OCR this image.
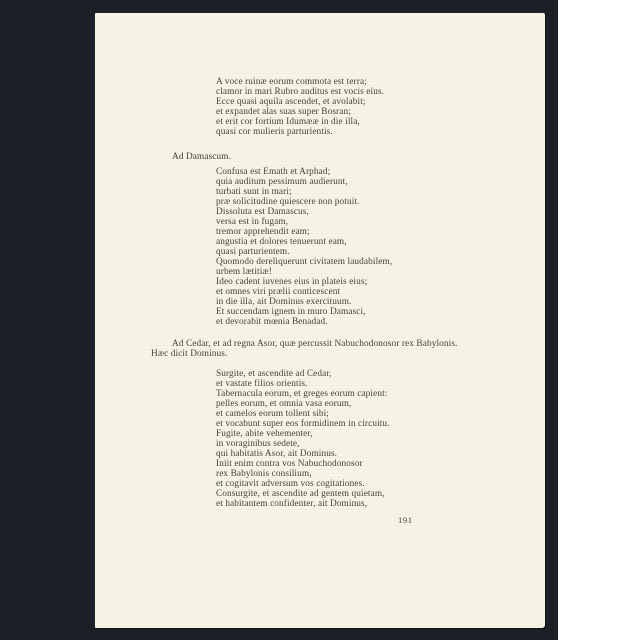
A voce ruinæ eorum commota est terra;
clamor in mari Rubro auditus est vocis eius.
Ecce quasi aquila ascendet, et avolabit;
et expandet alas suas super Bosran;
et erit cor fortium Idumææ in die illa,
quasi cor mulieris parturientis.
Ad Damascum.
Confusa est Emath et Arphad;
quia auditum pessimum audierunt,
turbati sunt in mari;
præ solicitudine quiescere non potuit.
Dissoluta est Damascus,
versa est in fugam,
tremor apprehendit eam;
angustia et dolores tenuerunt eam,
quasi parturientem.
Quomodo dereliquerunt civitatem laudabilem,
urbem lætitiæ!
Ideo cadent iuvenes eius in plateis eius;
et omnes viri prælii conticescent
in die illa, ait Dominus exercituum.
Et succendam ignem in muro Damasci,
et devorabit mœnia Benadad.
Ad Cedar, et ad regna Asor, quæ percussit Nabuchodonosor rex Babylonis.
Hæc dicit Dominus.
Surgite, et ascendite ad Cedar,
et vastate filios orientis.
Tabernacula eorum, et greges eorum capient:
pelles eorum, et omnia vasa eorum,
et camelos eorum tollent sibi;
et vocabunt super eos formidinem in circuitu.
Fugite, abite vehementer,
in voraginibus sedete,
qui habitatis Asor, ait Dominus.
Iniit enim contra vos Nabuchodonosor
rex Babylonis consilium,
et cogitavit adversum vos cogitationes.
Consurgite, et ascendite ad gentem quietam,
et habitantem confidenter, ait Dominus,
191
